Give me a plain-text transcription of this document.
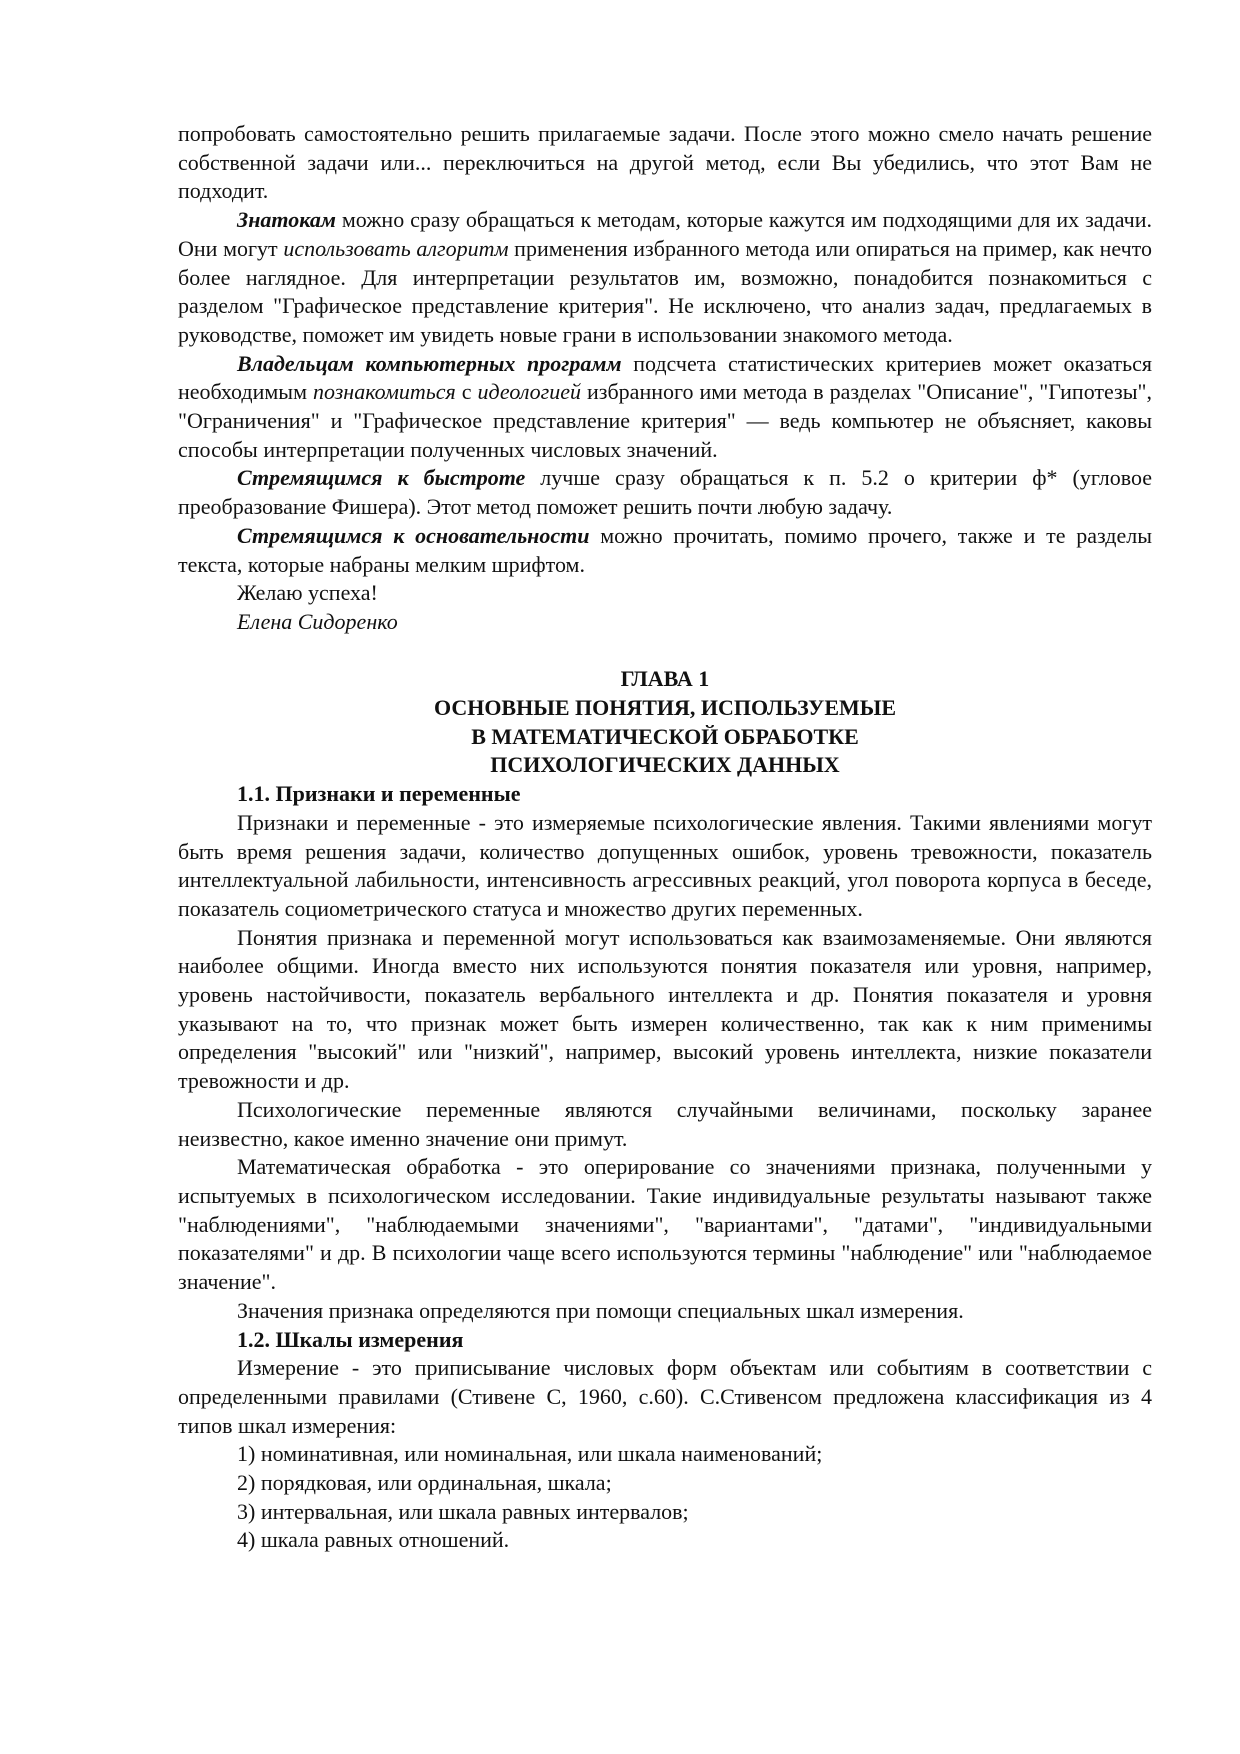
попробовать самостоятельно решить прилагаемые задачи. После этого можно смело начать решение собственной задачи или... переключиться на другой метод, если Вы убедились, что этот Вам не подходит.

Знатокам можно сразу обращаться к методам, которые кажутся им подходящими для их задачи. Они могут использовать алгоритм применения избранного метода или опираться на пример, как нечто более наглядное. Для интерпретации результатов им, возможно, понадобится познакомиться с разделом "Графическое представление критерия". Не исключено, что анализ задач, предлагаемых в руководстве, поможет им увидеть новые грани в использовании знакомого метода.

Владельцам компьютерных программ подсчета статистических критериев может оказаться необходимым познакомиться с идеологией избранного ими метода в разделах "Описание", "Гипотезы", "Ограничения" и "Графическое представление критерия" — ведь компьютер не объясняет, каковы способы интерпретации полученных числовых значений.

Стремящимся к быстроте лучше сразу обращаться к п. 5.2 о критерии ф* (угловое преобразование Фишера). Этот метод поможет решить почти любую задачу.

Стремящимся к основательности можно прочитать, помимо прочего, также и те разделы текста, которые набраны мелким шрифтом.

Желаю успеха!

Елена Сидоренко

ГЛАВА 1
ОСНОВНЫЕ ПОНЯТИЯ, ИСПОЛЬЗУЕМЫЕ
В МАТЕМАТИЧЕСКОЙ ОБРАБОТКЕ
ПСИХОЛОГИЧЕСКИХ ДАННЫХ
1.1. Признаки и переменные

Признаки и переменные - это измеряемые психологические явления. Такими явлениями могут быть время решения задачи, количество допущенных ошибок, уровень тревожности, показатель интеллектуальной лабильности, интенсивность агрессивных реакций, угол поворота корпуса в беседе, показатель социометрического статуса и множество других переменных.

Понятия признака и переменной могут использоваться как взаимозаменяемые. Они являются наиболее общими. Иногда вместо них используются понятия показателя или уровня, например, уровень настойчивости, показатель вербального интеллекта и др. Понятия показателя и уровня указывают на то, что признак может быть измерен количественно, так как к ним применимы определения "высокий" или "низкий", например, высокий уровень интеллекта, низкие показатели тревожности и др.

Психологические переменные являются случайными величинами, поскольку заранее неизвестно, какое именно значение они примут.

Математическая обработка - это оперирование со значениями признака, полученными у испытуемых в психологическом исследовании. Такие индивидуальные результаты называют также "наблюдениями", "наблюдаемыми значениями", "вариантами", "датами", "индивидуальными показателями" и др. В психологии чаще всего используются термины "наблюдение" или "наблюдаемое значение".

Значения признака определяются при помощи специальных шкал измерения.

1.2. Шкалы измерения

Измерение - это приписывание числовых форм объектам или событиям в соответствии с определенными правилами (Стивене С, 1960, с.60). С.Стивенсом предложена классификация из 4 типов шкал измерения:

1) номинативная, или номинальная, или шкала наименований;

2) порядковая, или ординальная, шкала;

3) интервальная, или шкала равных интервалов;

4) шкала равных отношений.
